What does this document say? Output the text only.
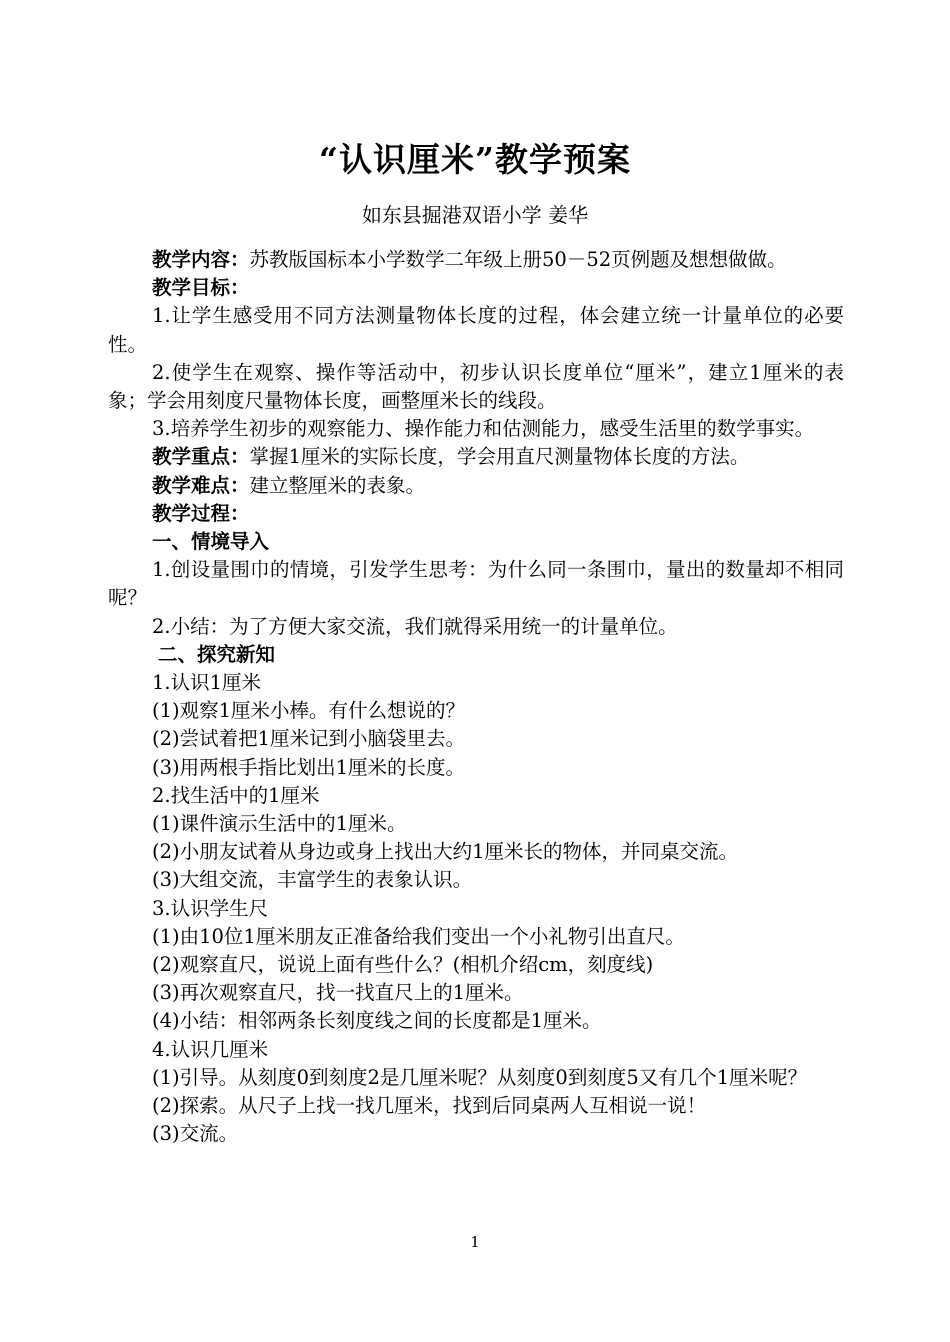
“认识厘米”教学预案
如东县掘港双语小学 姜华

教学内容：苏教版国标本小学数学二年级上册50－52页例题及想想做做。

教学目标：

1.让学生感受用不同方法测量物体长度的过程，体会建立统一计量单位的必要性。

2.使学生在观察、操作等活动中，初步认识长度单位“厘米”，建立1厘米的表象；学会用刻度尺量物体长度，画整厘米长的线段。

3.培养学生初步的观察能力、操作能力和估测能力，感受生活里的数学事实。

教学重点：掌握1厘米的实际长度，学会用直尺测量物体长度的方法。

教学难点：建立整厘米的表象。

教学过程：

一、情境导入

1.创设量围巾的情境，引发学生思考：为什么同一条围巾，量出的数量却不相同呢？

2.小结：为了方便大家交流，我们就得采用统一的计量单位。

二、探究新知

1.认识1厘米

(1)观察1厘米小棒。有什么想说的？

(2)尝试着把1厘米记到小脑袋里去。

(3)用两根手指比划出1厘米的长度。

2.找生活中的1厘米

(1)课件演示生活中的1厘米。

(2)小朋友试着从身边或身上找出大约1厘米长的物体，并同桌交流。

(3)大组交流，丰富学生的表象认识。

3.认识学生尺

(1)由10位1厘米朋友正准备给我们变出一个小礼物引出直尺。

(2)观察直尺，说说上面有些什么？(相机介绍cm，刻度线)

(3)再次观察直尺，找一找直尺上的1厘米。

(4)小结：相邻两条长刻度线之间的长度都是1厘米。

4.认识几厘米

(1)引导。从刻度0到刻度2是几厘米呢？从刻度0到刻度5又有几个1厘米呢？

(2)探索。从尺子上找一找几厘米，找到后同桌两人互相说一说！

(3)交流。

1
